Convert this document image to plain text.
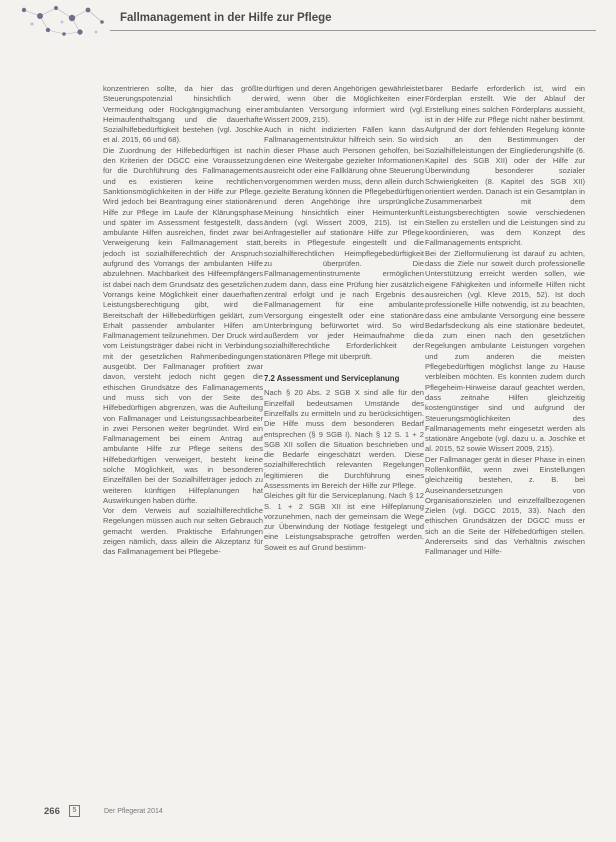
Fallmanagement in der Hilfe zur Pflege

konzentrieren sollte, da hier das größte Steuerungspotenzial hinsichtlich der Vermeidung oder Rückgängigmachung einer Heimaufenthaltsgang und die dauerhafte Sozialhilfebedürftigkeit bestehen (vgl. Joschke et al. 2015, 66 und 68).

Die Zuordnung der Hilfebedürftigen ist nach den Kriterien der DGCC eine Voraussetzung für die Durchführung des Fallmanagements und es existieren keine rechtlichen Sanktionsmöglichkeiten in der Hilfe zur Pflege. Wird jedoch bei Beantragung einer stationären Hilfe zur Pflege im Laufe der Klärungsphase und später im Assessment festgestellt, dass ambulante Hilfen ausreichen, findet zwar bei Verweigerung kein Fallmanagement statt, jedoch ist sozialhilferechtlich der Anspruch aufgrund des Vorrangs der ambulanten Hilfe abzulehnen. Machbarkeit des Hilfeempfängers ist dabei nach dem Grundsatz des gesetzlichen Vorrangs keine Möglichkeit einer dauerhaften Leistungsberechtigung gibt, wird die Bereitschaft der Hilfebedürftigen geklärt, zum Erhalt passender ambulanter Hilfen am Fallmanagement teilzunehmen. Der Druck wird vom Leistungsträger dabei nicht in Verbindung mit der gesetzlichen Rahmenbedingungen ausgeübt. Der Fallmanager profitiert zwar davon, versteht jedoch nicht gegen die ethischen Grundsätze des Fallmanagements und muss sich von der Seite des Hilfebedürftigen abgrenzen, was die Aufteilung von Fallmanager und Leistungssachbearbeiter in zwei Personen weiter begründet. Wird ein Fallmanagement bei einem Antrag auf ambulante Hilfe zur Pflege seitens des Hilfebedürftigen verweigert, besteht keine solche Möglichkeit, was in besonderen Einzelfällen bei der Sozialhilfeträger jedoch zu weiteren künftigen Hilfeplanungen hat Auswirkungen haben dürfte.

Vor dem Verweis auf sozialhilferechtliche Regelungen müssen auch nur selten Gebrauch gemacht werden. Praktische Erfahrungen zeigen nämlich, dass allein die Akzeptanz für das Fallmanagement bei Pflegebe-

dürftigen und deren Angehörigen gewährleistet wird, wenn über die Möglichkeiten einer ambulanten Versorgung informiert wird (vgl. Wissert 2009, 215).

Auch in nicht indizierten Fällen kann das Fallmanagementstruktur hilfreich sein. So wird in dieser Phase auch Personen geholfen, bei denen eine Weitergabe gezielter Informationen ausreicht oder eine Fallklärung ohne Steuerung vorgenommen werden muss, denn allein durch gezielte Beratung können die Pflegebedürftigen und deren Angehörige ihre ursprüngliche Meinung hinsichtlich einer Heimunterkunft ändern (vgl. Wissert 2009, 215). Ist ein Anfragesteller auf stationäre Hilfe zur Pflege bereits in Pflegestufe eingestellt und die sozialhilferechtlichen Heimpflegebedürftigkeit zu überprüfen. Die Fallmanagementinstrumente ermöglichen zudem dann, dass eine Prüfung hier zusätzlich zentral erfolgt und je nach Ergebnis des Fallmanagement für eine ambulante Versorgung eingestellt oder eine stationäre Unterbringung befürwortet wird. So wird außerdem vor jeder Heimaufnahme die sozialhilferechtliche Erforderlichkeit der stationären Pflege mit überprüft.

7.2 Assessment und Serviceplanung

Nach § 20 Abs. 2 SGB X sind alle für den Einzelfall bedeutsamen Umstände des Einzelfalls zu ermitteln und zu berücksichtigen. Die Hilfe muss dem besonderen Bedarf entsprechen (§ 9 SGB I). Nach § 12 S. 1 + 2 SGB XII sollen die Situation beschrieben und die Bedarfe eingeschätzt werden. Diese sozialhilferechtlich relevanten Regelungen legitimieren die Durchführung eines Assessments im Bereich der Hilfe zur Pflege.

Gleiches gilt für die Serviceplanung. Nach § 12 S. 1 + 2 SGB XII ist eine Hilfeplanung vorzunehmen, nach der gemeinsam die Wege zur Überwindung der Notlage festgelegt und eine Leistungsabsprache getroffen werden. Soweit es auf Grund bestimm-

barer Bedarfe erforderlich ist, wird ein Förderplan erstellt. Wie der Ablauf der Erstellung eines solchen Förderplans aussieht, ist in der Hilfe zur Pflege nicht näher bestimmt. Aufgrund der dort fehlenden Regelung könnte sich an den Bestimmungen der Sozialhilfeleistungen der Eingliederungshilfe (6. Kapitel des SGB XII) oder der Hilfe zur Überwindung besonderer sozialer Schwierigkeiten (8. Kapitel des SGB XII) orientiert werden. Danach ist ein Gesamtplan in Zusammenarbeit mit dem Leistungsberechtigten sowie verschiedenen Stellen zu erstellen und die Leistungen sind zu koordinieren, was dem Konzept des Fallmanagements entspricht.

Bei der Zielformulierung ist darauf zu achten, dass die Ziele nur soweit durch professionelle Unterstützung erreicht werden sollen, wie eigene Fähigkeiten und informelle Hilfen nicht ausreichen (vgl. Kleve 2015, 52). Ist doch professionelle Hilfe notwendig, ist zu beachten, dass eine ambulante Versorgung eine bessere Bedarfsdeckung als eine stationäre bedeutet, da zum einen nach den gesetzlichen Regelungen ambulante Leistungen vorgehen und zum anderen die meisten Pflegebedürftigen möglichst lange zu Hause verbleiben möchten. Es konnten zudem durch Pflegeheim-Hinweise darauf geachtet werden, dass zeitnahe Hilfen gleichzeitig kostengünstiger sind und aufgrund der Steuerungsmöglichkeiten des Fallmanagements mehr eingesetzt werden als stationäre Angebote (vgl. dazu u. a. Joschke et al. 2015, 52 sowie Wissert 2009, 215).

Der Fallmanager gerät in dieser Phase in einen Rollenkonflikt, wenn zwei Einstellungen gleichzeitig bestehen, z. B. bei Auseinandersetzungen von Organisationszielen und einzelfallbezogenen Zielen (vgl. DGCC 2015, 33). Nach den ethischen Grundsätzen der DGCC muss er sich an die Seite der Hilfebedürftigen stellen. Andererseits sind das Verhältnis zwischen Fallmanager und Hilfe-

266	5	Der Pflegerat 2014
